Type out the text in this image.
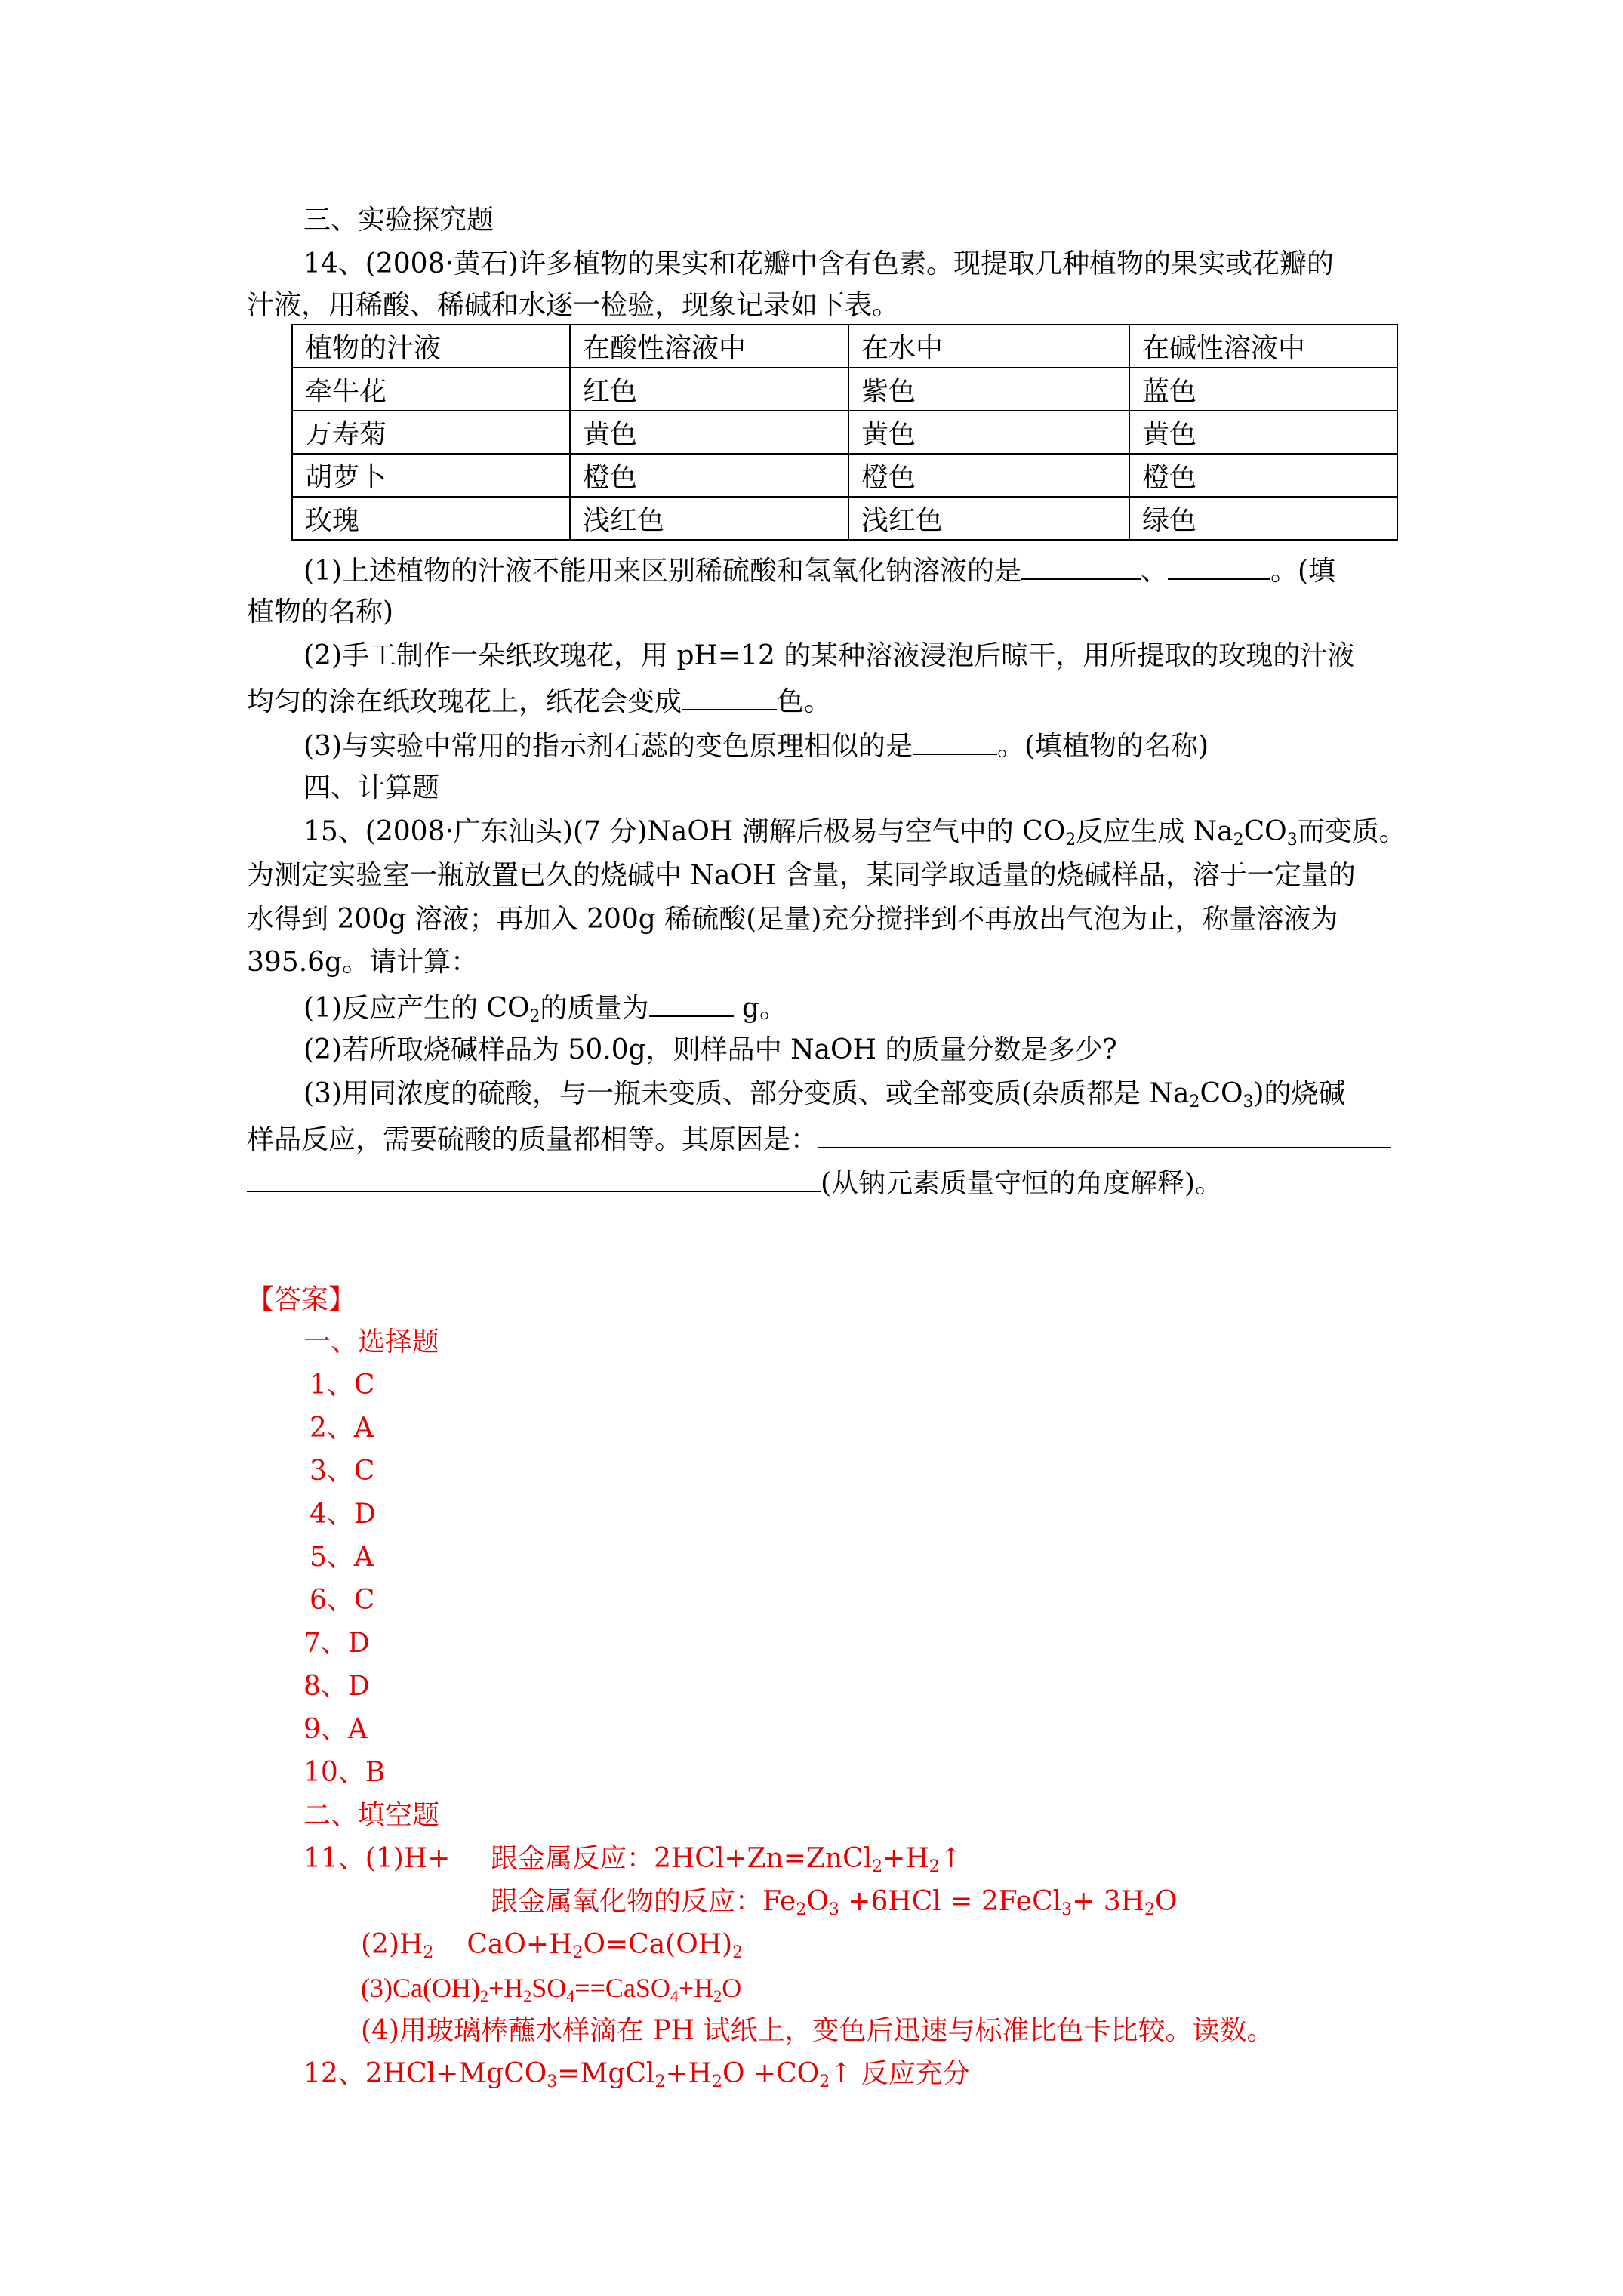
三、实验探究题
14、(2008·黄石)许多植物的果实和花瓣中含有色素。现提取几种植物的果实或花瓣的
汁液，用稀酸、稀碱和水逐一检验，现象记录如下表。
植物的汁液	在酸性溶液中	在水中	在碱性溶液中
牵牛花	红色	紫色	蓝色
万寿菊	黄色	黄色	黄色
胡萝卜	橙色	橙色	橙色
玫瑰	浅红色	浅红色	绿色
(1)上述植物的汁液不能用来区别稀硫酸和氢氧化钠溶液的是	、	。(填
植物的名称)
(2)手工制作一朵纸玫瑰花，用 pH=12 的某种溶液浸泡后晾干，用所提取的玫瑰的汁液
均匀的涂在纸玫瑰花上，纸花会变成	色。
(3)与实验中常用的指示剂石蕊的变色原理相似的是	。(填植物的名称)
四、计算题
15、(2008·广东汕头)(7 分)NaOH 潮解后极易与空气中的 $CO_2$反应生成 $Na_2CO_3$而变质。
为测定实验室一瓶放置已久的烧碱中 NaOH 含量，某同学取适量的烧碱样品，溶于一定量的
水得到 200g 溶液；再加入 200g 稀硫酸(足量)充分搅拌到不再放出气泡为止，称量溶液为
395.6g。请计算：
(1)反应产生的 $CO_2$的质量为	g。
(2)若所取烧碱样品为 50.0g，则样品中 NaOH 的质量分数是多少?
(3)用同浓度的硫酸，与一瓶未变质、部分变质、或全部变质(杂质都是 $Na_2CO_3$)的烧碱
样品反应，需要硫酸的质量都相等。其原因是：
(从钠元素质量守恒的角度解释)。
【答案】
一、选择题
1、C
2、A
3、C
4、D
5、A
6、C
7、D
8、D
9、A
10、B
二、填空题
11、(1)H+ 跟金属反应：$2HCl+Zn=ZnCl_2+H_2↑$
跟金属氧化物的反应：$Fe_2O_3 +6HCl$ = 2FeCl$_3$+ $3H_2O$
$(2)H_2$ $CaO+H_2O=Ca(OH)_2$
$(3)Ca(OH)_2+H_2SO_4==CaSO_4+H_2O$
(4)用玻璃棒蘸水样滴在 PH 试纸上，变色后迅速与标准比色卡比较。读数。
12、$2HCl+MgCO_3=MgCl_2+H_2O$ $+CO_2↑$ 反应充分
